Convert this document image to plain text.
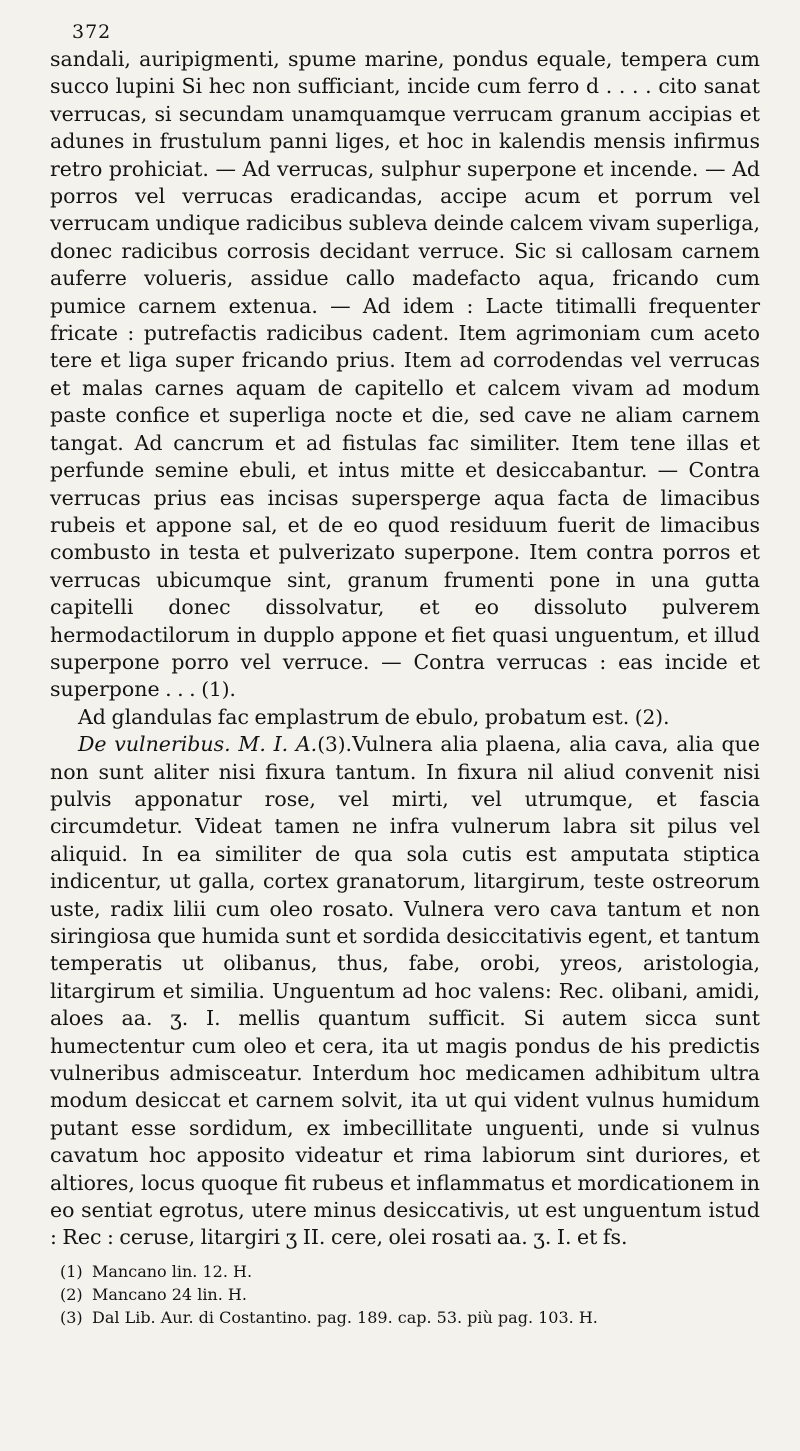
372

sandali, auripigmenti, spume marine, pondus equale, tempera cum succo lupini Si hec non sufficiant, incide cum ferro d . . . . cito sanat verrucas, si secundam unamquamque verrucam granum accipias et adunes in frustulum panni liges, et hoc in kalendis mensis infirmus retro prohiciat. — Ad verrucas, sulphur superpone et incende. — Ad porros vel verrucas eradicandas, accipe acum et porrum vel verrucam undique radicibus subleva deinde calcem vivam superliga, donec radicibus corrosis decidant verruce. Sic si callosam carnem auferre volueris, assidue callo madefacto aqua, fricando cum pumice carnem extenua. — Ad idem : Lacte titimalli frequenter fricate : putrefactis radicibus cadent. Item agrimoniam cum aceto tere et liga super fricando prius. Item ad corrodendas vel verrucas et malas carnes aquam de capitello et calcem vivam ad modum paste confice et superliga nocte et die, sed cave ne aliam carnem tangat. Ad cancrum et ad fistulas fac similiter. Item tene illas et perfunde semine ebuli, et intus mitte et desiccabantur. — Contra verrucas prius eas incisas supersperge aqua facta de limacibus rubeis et appone sal, et de eo quod residuum fuerit de limacibus combusto in testa et pulverizato superpone. Item contra porros et verrucas ubicumque sint, granum frumenti pone in una gutta capitelli donec dissolvatur, et eo dissoluto pulverem hermodactilorum in dupplo appone et fiet quasi unguentum, et illud superpone porro vel verruce. — Contra verrucas : eas incide et superpone . . . (1).

Ad glandulas fac emplastrum de ebulo, probatum est. (2).

De vulneribus. M. I. A.(3).Vulnera alia plaena, alia cava, alia que non sunt aliter nisi fixura tantum. In fixura nil aliud convenit nisi pulvis apponatur rose, vel mirti, vel utrumque, et fascia circumdetur. Videat tamen ne infra vulnerum labra sit pilus vel aliquid. In ea similiter de qua sola cutis est amputata stiptica indicentur, ut galla, cortex granatorum, litargirum, teste ostreorum uste, radix lilii cum oleo rosato. Vulnera vero cava tantum et non siringiosa que humida sunt et sordida desiccitativis egent, et tantum temperatis ut olibanus, thus, fabe, orobi, yreos, aristologia, litargirum et similia. Unguentum ad hoc valens: Rec. olibani, amidi, aloes aa. ʒ. I. mellis quantum sufficit. Si autem sicca sunt humectentur cum oleo et cera, ita ut magis pondus de his predictis vulneribus admisceatur. Interdum hoc medicamen adhibitum ultra modum desiccat et carnem solvit, ita ut qui vident vulnus humidum putant esse sordidum, ex imbecillitate unguenti, unde si vulnus cavatum hoc apposito videatur et rima labiorum sint duriores, et altiores, locus quoque fit rubeus et inflammatus et mordicationem in eo sentiat egrotus, utere minus desiccativis, ut est unguentum istud : Rec : ceruse, litargiri ʒ II. cere, olei rosati aa. ʒ. I. et fs.

(1) Mancano lin. 12. H.
(2) Mancano 24 lin. H.
(3) Dal Lib. Aur. di Costantino. pag. 189. cap. 53. più pag. 103. H.
